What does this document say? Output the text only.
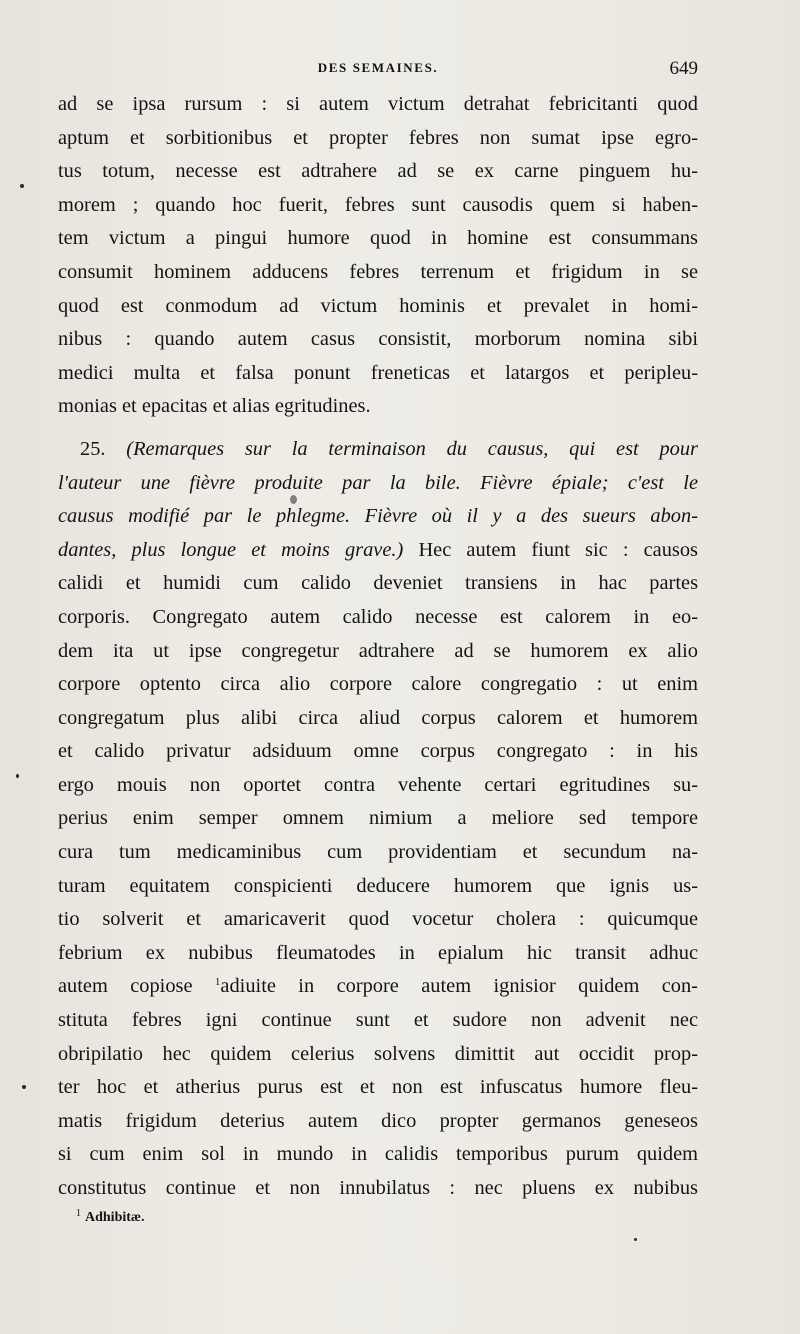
DES SEMAINES.	649
ad se ipsa rursum : si autem victum detrahat febricitanti quod
aptum et sorbitionibus et propter febres non sumat ipse egro-
tus totum, necesse est adtrahere ad se ex carne pinguem hu-
morem ; quando hoc fuerit, febres sunt causodis quem si haben-
tem victum a pingui humore quod in homine est consummans
consumit hominem adducens febres terrenum et frigidum in se
quod est conmodum ad victum hominis et prevalet in homi-
nibus : quando autem casus consistit, morborum nomina sibi
medici multa et falsa ponunt freneticas et latargos et peripleu-
monias et epacitas et alias egritudines.
25. (Remarques sur la terminaison du causus, qui est pour
l'auteur une fièvre produite par la bile. Fièvre épiale; c'est le
causus modifié par le phlegme. Fièvre où il y a des sueurs abon-
dantes, plus longue et moins grave.) Hec autem fiunt sic : causos
calidi et humidi cum calido deveniet transiens in hac partes
corporis. Congregato autem calido necesse est calorem in eo-
dem ita ut ipse congregetur adtrahere ad se humorem ex alio
corpore optento circa alio corpore calore congregatio : ut enim
congregatum plus alibi circa aliud corpus calorem et humorem
et calido privatur adsiduum omne corpus congregato : in his
ergo mouis non oportet contra vehente certari egritudines su-
perius enim semper omnem nimium a meliore sed tempore
cura tum medicaminibus cum providentiam et secundum na-
turam equitatem conspicienti deducere humorem que ignis us-
tio solverit et amaricaverit quod vocetur cholera : quicumque
febrium ex nubibus fleumatodes in epialum hic transit adhuc
autem copiose $^1$adiuite in corpore autem ignisior quidem con-
stituta febres igni continue sunt et sudore non advenit nec
obripilatio hec quidem celerius solvens dimittit aut occidit prop-
ter hoc et atherius purus est et non est infuscatus humore fleu-
matis frigidum deterius autem dico propter germanos geneseos
si cum enim sol in mundo in calidis temporibus purum quidem
constitutus continue et non innubilatus : nec pluens ex nubibus
$^1$ Adhibitæ.
